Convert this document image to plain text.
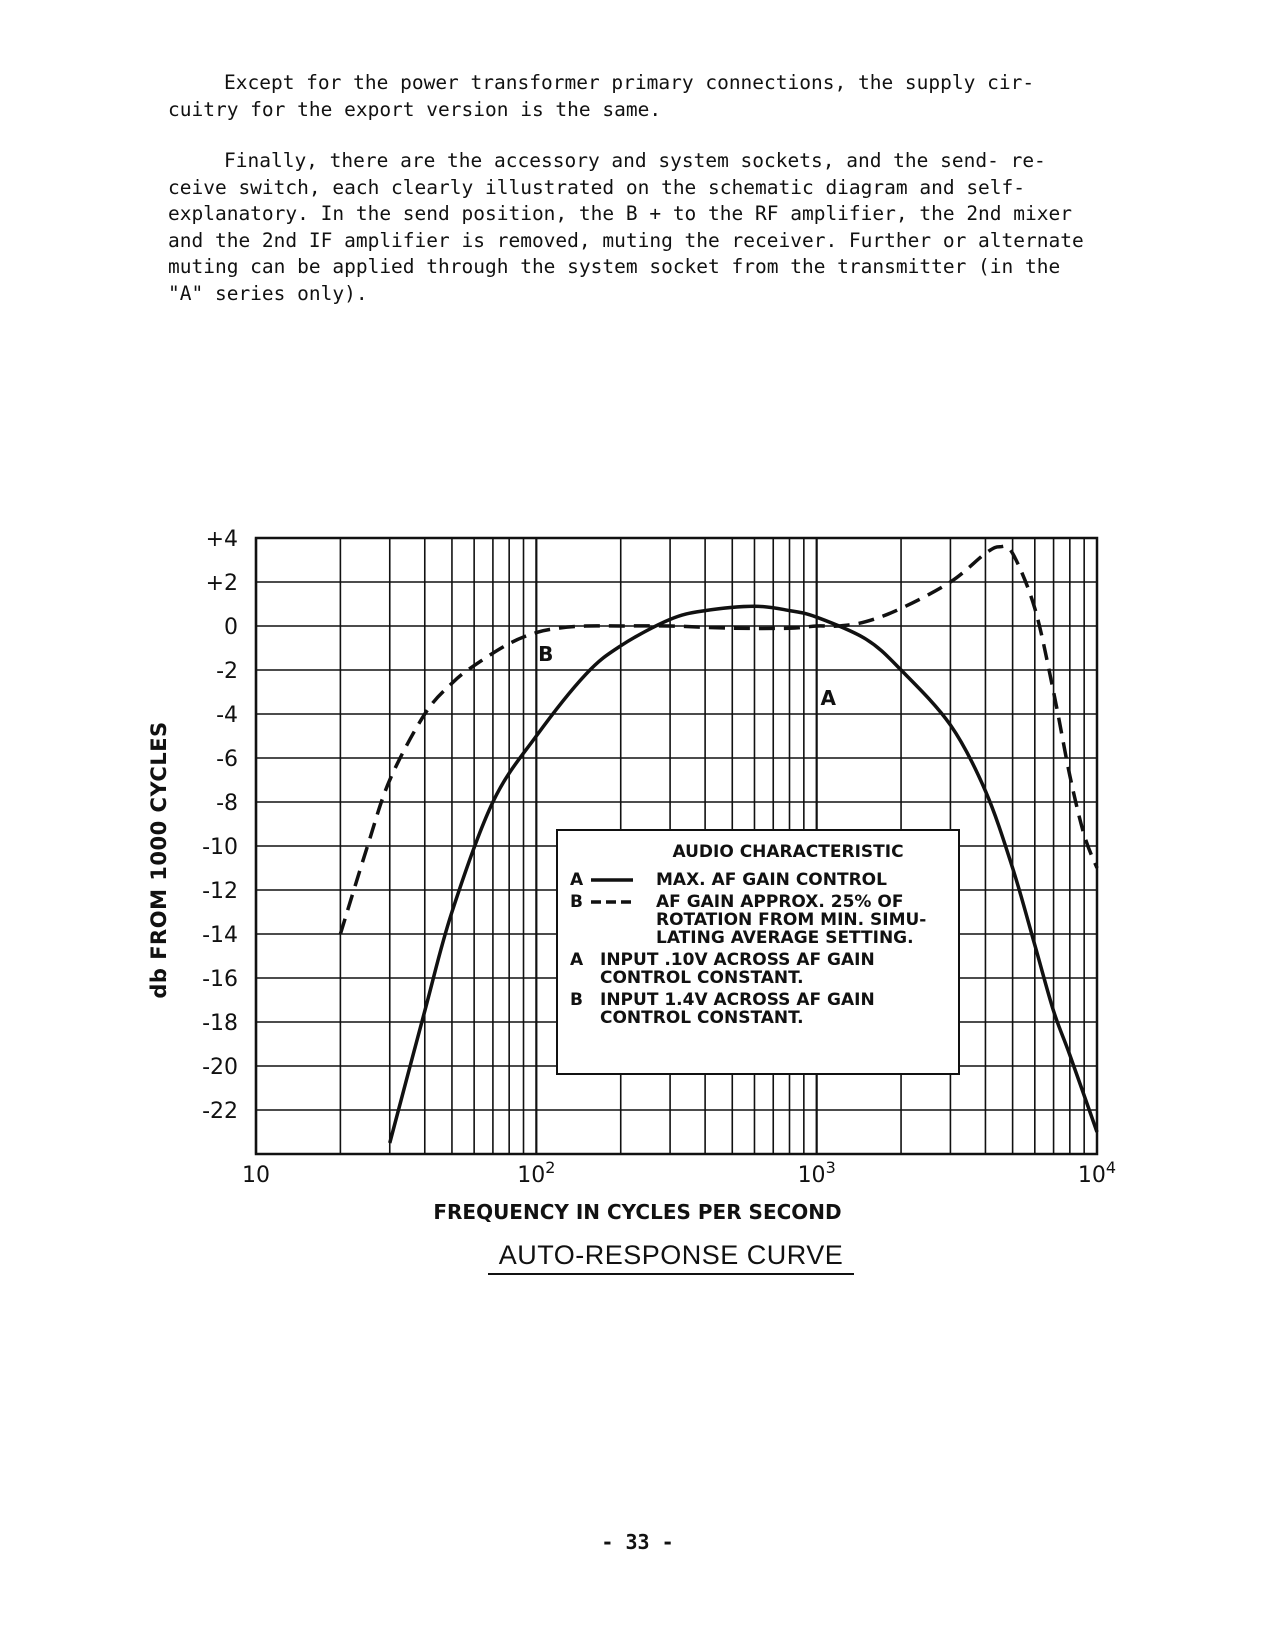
Except for the power transformer primary connections, the supply cir-

cuitry for the export version is the same.

Finally, there are the accessory and system sockets, and the send- re-

ceive switch, each clearly illustrated on the schematic diagram and self-

explanatory. In the send position, the B + to the RF amplifier, the 2nd mixer

and the 2nd IF amplifier is removed, muting the receiver. Further or alternate

muting can be applied through the system socket from the transmitter (in the

"A" series only).

+4
+2
0
-2
-4
-6
-8
-10
-12
-14
-16
-18
-20
-22
10	$10^2$	$10^3$	$10^4$
A
B
db FROM 1000 CYCLES	AUDIO CHARACTERISTIC
A	MAX. AF GAIN CONTROL
B	AF GAIN APPROX. 25% OF
ROTATION FROM MIN. SIMU-
LATING AVERAGE SETTING.
A INPUT .10V ACROSS AF GAIN
CONTROL CONSTANT.
B	INPUT 1.4V ACROSS AF GAIN
CONTROL CONSTANT.
FREQUENCY IN CYCLES PER SECOND
AUTO-RESPONSE CURVE
- 33 -
